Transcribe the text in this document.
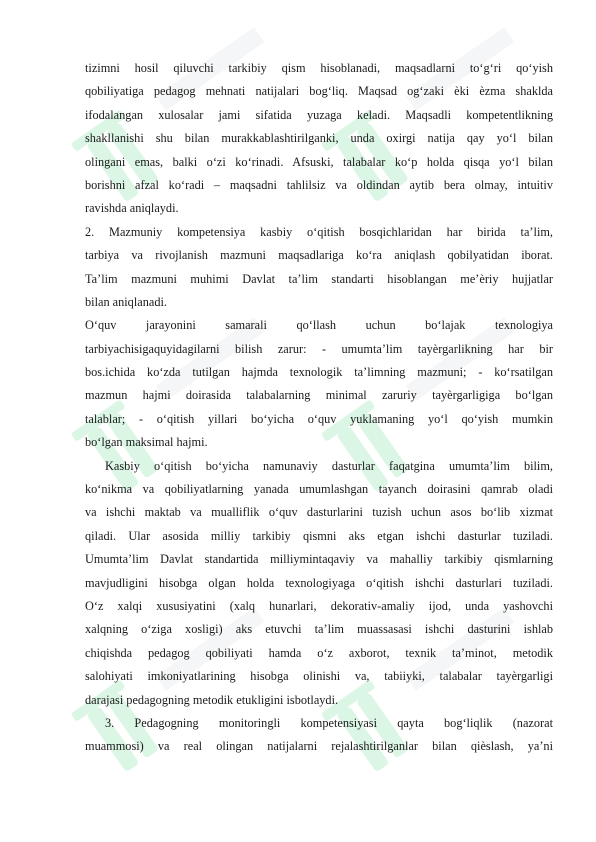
tizimni hosil qiluvchi tarkibiy qism hisoblanadi, maqsadlarni to‘g‘ri qo‘yish
qobiliyatiga pedagog mehnati natijalari bog‘liq. Maqsad og‘zaki èki èzma shaklda
ifodalangan xulosalar jami sifatida yuzaga keladi. Maqsadli kompetentlikning
shakllanishi shu bilan murakkablashtirilganki, unda oxirgi natija qay yo‘l bilan
olingani emas, balki o‘zi ko‘rinadi. Afsuski, talabalar ko‘p holda qisqa yo‘l bilan
borishni afzal ko‘radi – maqsadni tahlilsiz va oldindan aytib bera olmay, intuitiv
ravishda aniqlaydi.
2. Mazmuniy kompetensiya kasbiy o‘qitish bosqichlaridan har birida ta’lim,
tarbiya va rivojlanish mazmuni maqsadlariga ko‘ra aniqlash qobilyatidan iborat.
Ta’lim mazmuni muhimi Davlat ta’lim standarti hisoblangan me’èriy hujjatlar
bilan aniqlanadi.
O‘quv jarayonini samarali qo‘llash uchun bo‘lajak texnologiya
tarbiyachisigaquyidagilarni bilish zarur: - umumta’lim tayèrgarlikning har bir
bos.ichida ko‘zda tutilgan hajmda texnologik ta’limning mazmuni; - ko‘rsatilgan
mazmun hajmi doirasida talabalarning minimal zaruriy tayèrgarligiga bo‘lgan
talablar; - o‘qitish yillari bo‘yicha o‘quv yuklamaning yo‘l qo‘yish mumkin
bo‘lgan maksimal hajmi.
Kasbiy o‘qitish bo‘yicha namunaviy dasturlar faqatgina umumta’lim bilim,
ko‘nikma va qobiliyatlarning yanada umumlashgan tayanch doirasini qamrab oladi
va ishchi maktab va mualliflik o‘quv dasturlarini tuzish uchun asos bo‘lib xizmat
qiladi. Ular asosida milliy tarkibiy qismni aks etgan ishchi dasturlar tuziladi.
Umumta’lim Davlat standartida milliymintaqaviy va mahalliy tarkibiy qismlarning
mavjudligini hisobga olgan holda texnologiyaga o‘qitish ishchi dasturlari tuziladi.
O‘z xalqi xususiyatini (xalq hunarlari, dekorativ-amaliy ijod, unda yashovchi
xalqning o‘ziga xosligi) aks etuvchi ta’lim muassasasi ishchi dasturini ishlab
chiqishda pedagog qobiliyati hamda o‘z axborot, texnik ta’minot, metodik
salohiyati imkoniyatlarining hisobga olinishi va, tabiiyki, talabalar tayèrgarligi
darajasi pedagogning metodik etukligini isbotlaydi.
3. Pedagogning monitoringli kompetensiyasi qayta bog‘liqlik (nazorat
muammosi) va real olingan natijalarni rejalashtirilganlar bilan qièslash, ya’ni
